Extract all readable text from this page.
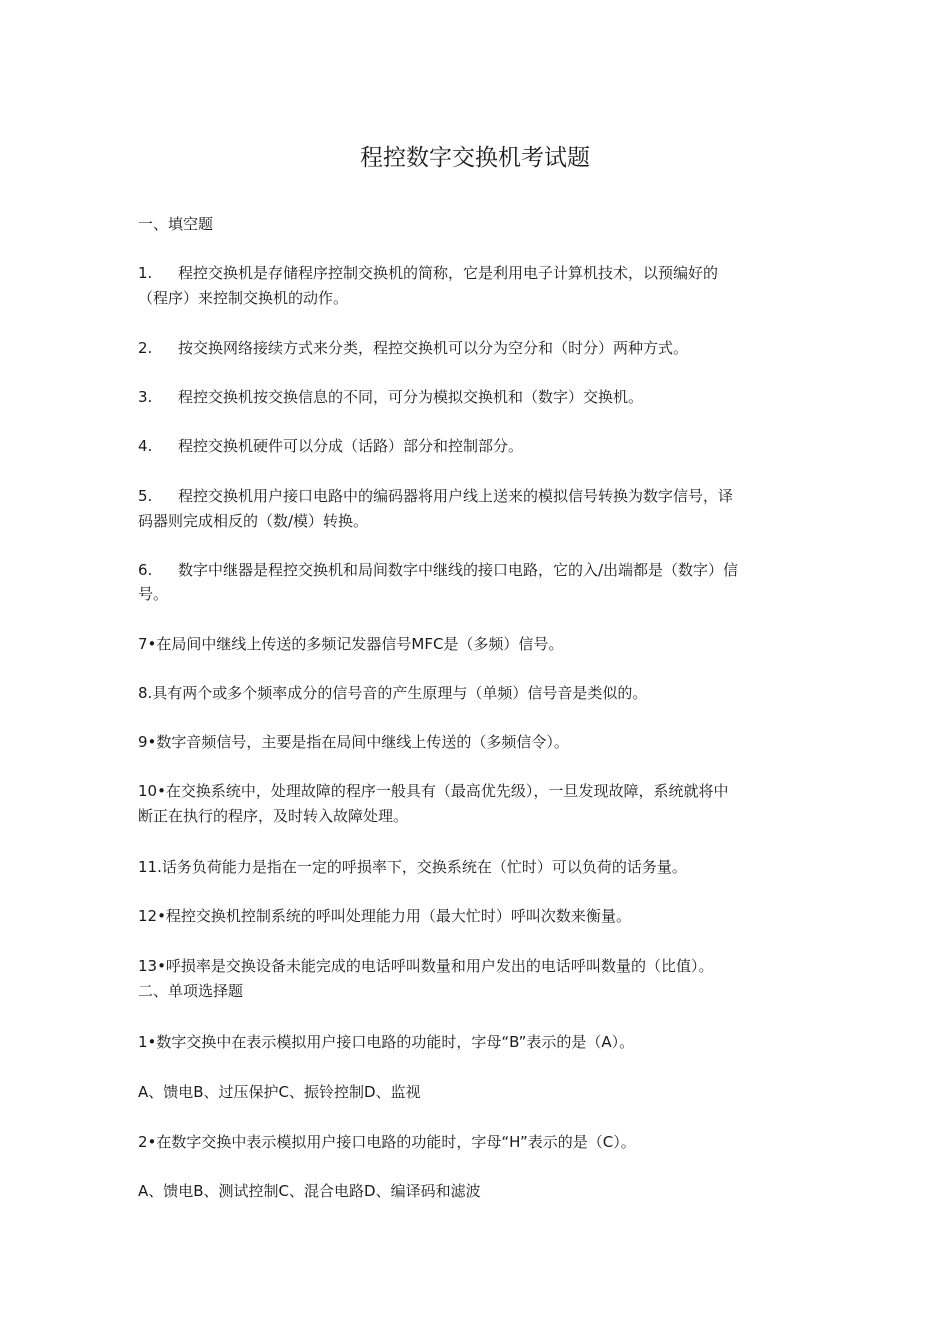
程控数字交换机考试题

一、填空题

1. 程控交换机是存储程序控制交换机的简称，它是利用电子计算机技术，以预编好的

（程序）来控制交换机的动作。

2. 按交换网络接续方式来分类，程控交换机可以分为空分和（时分）两种方式。

3. 程控交换机按交换信息的不同，可分为模拟交换机和（数字）交换机。

4. 程控交换机硬件可以分成（话路）部分和控制部分。

5. 程控交换机用户接口电路中的编码器将用户线上送来的模拟信号转换为数字信号，译

码器则完成相反的（数/模）转换。

6. 数字中继器是程控交换机和局间数字中继线的接口电路，它的入/出端都是（数字）信

号。

7•在局间中继线上传送的多频记发器信号MFC是（多频）信号。

8.具有两个或多个频率成分的信号音的产生原理与（单频）信号音是类似的。

9•数字音频信号，主要是指在局间中继线上传送的（多频信令）。

10•在交换系统中，处理故障的程序一般具有（最高优先级），一旦发现故障，系统就将中

断正在执行的程序，及时转入故障处理。

11.话务负荷能力是指在一定的呼损率下，交换系统在（忙时）可以负荷的话务量。

12•程控交换机控制系统的呼叫处理能力用（最大忙时）呼叫次数来衡量。

13•呼损率是交换设备未能完成的电话呼叫数量和用户发出的电话呼叫数量的（比值）。

二、单项选择题

1•数字交换中在表示模拟用户接口电路的功能时，字母“B”表示的是（A）。

A、馈电B、过压保护C、振铃控制D、监视

2•在数字交换中表示模拟用户接口电路的功能时，字母“H”表示的是（C）。

A、馈电B、测试控制C、混合电路D、编译码和滤波
